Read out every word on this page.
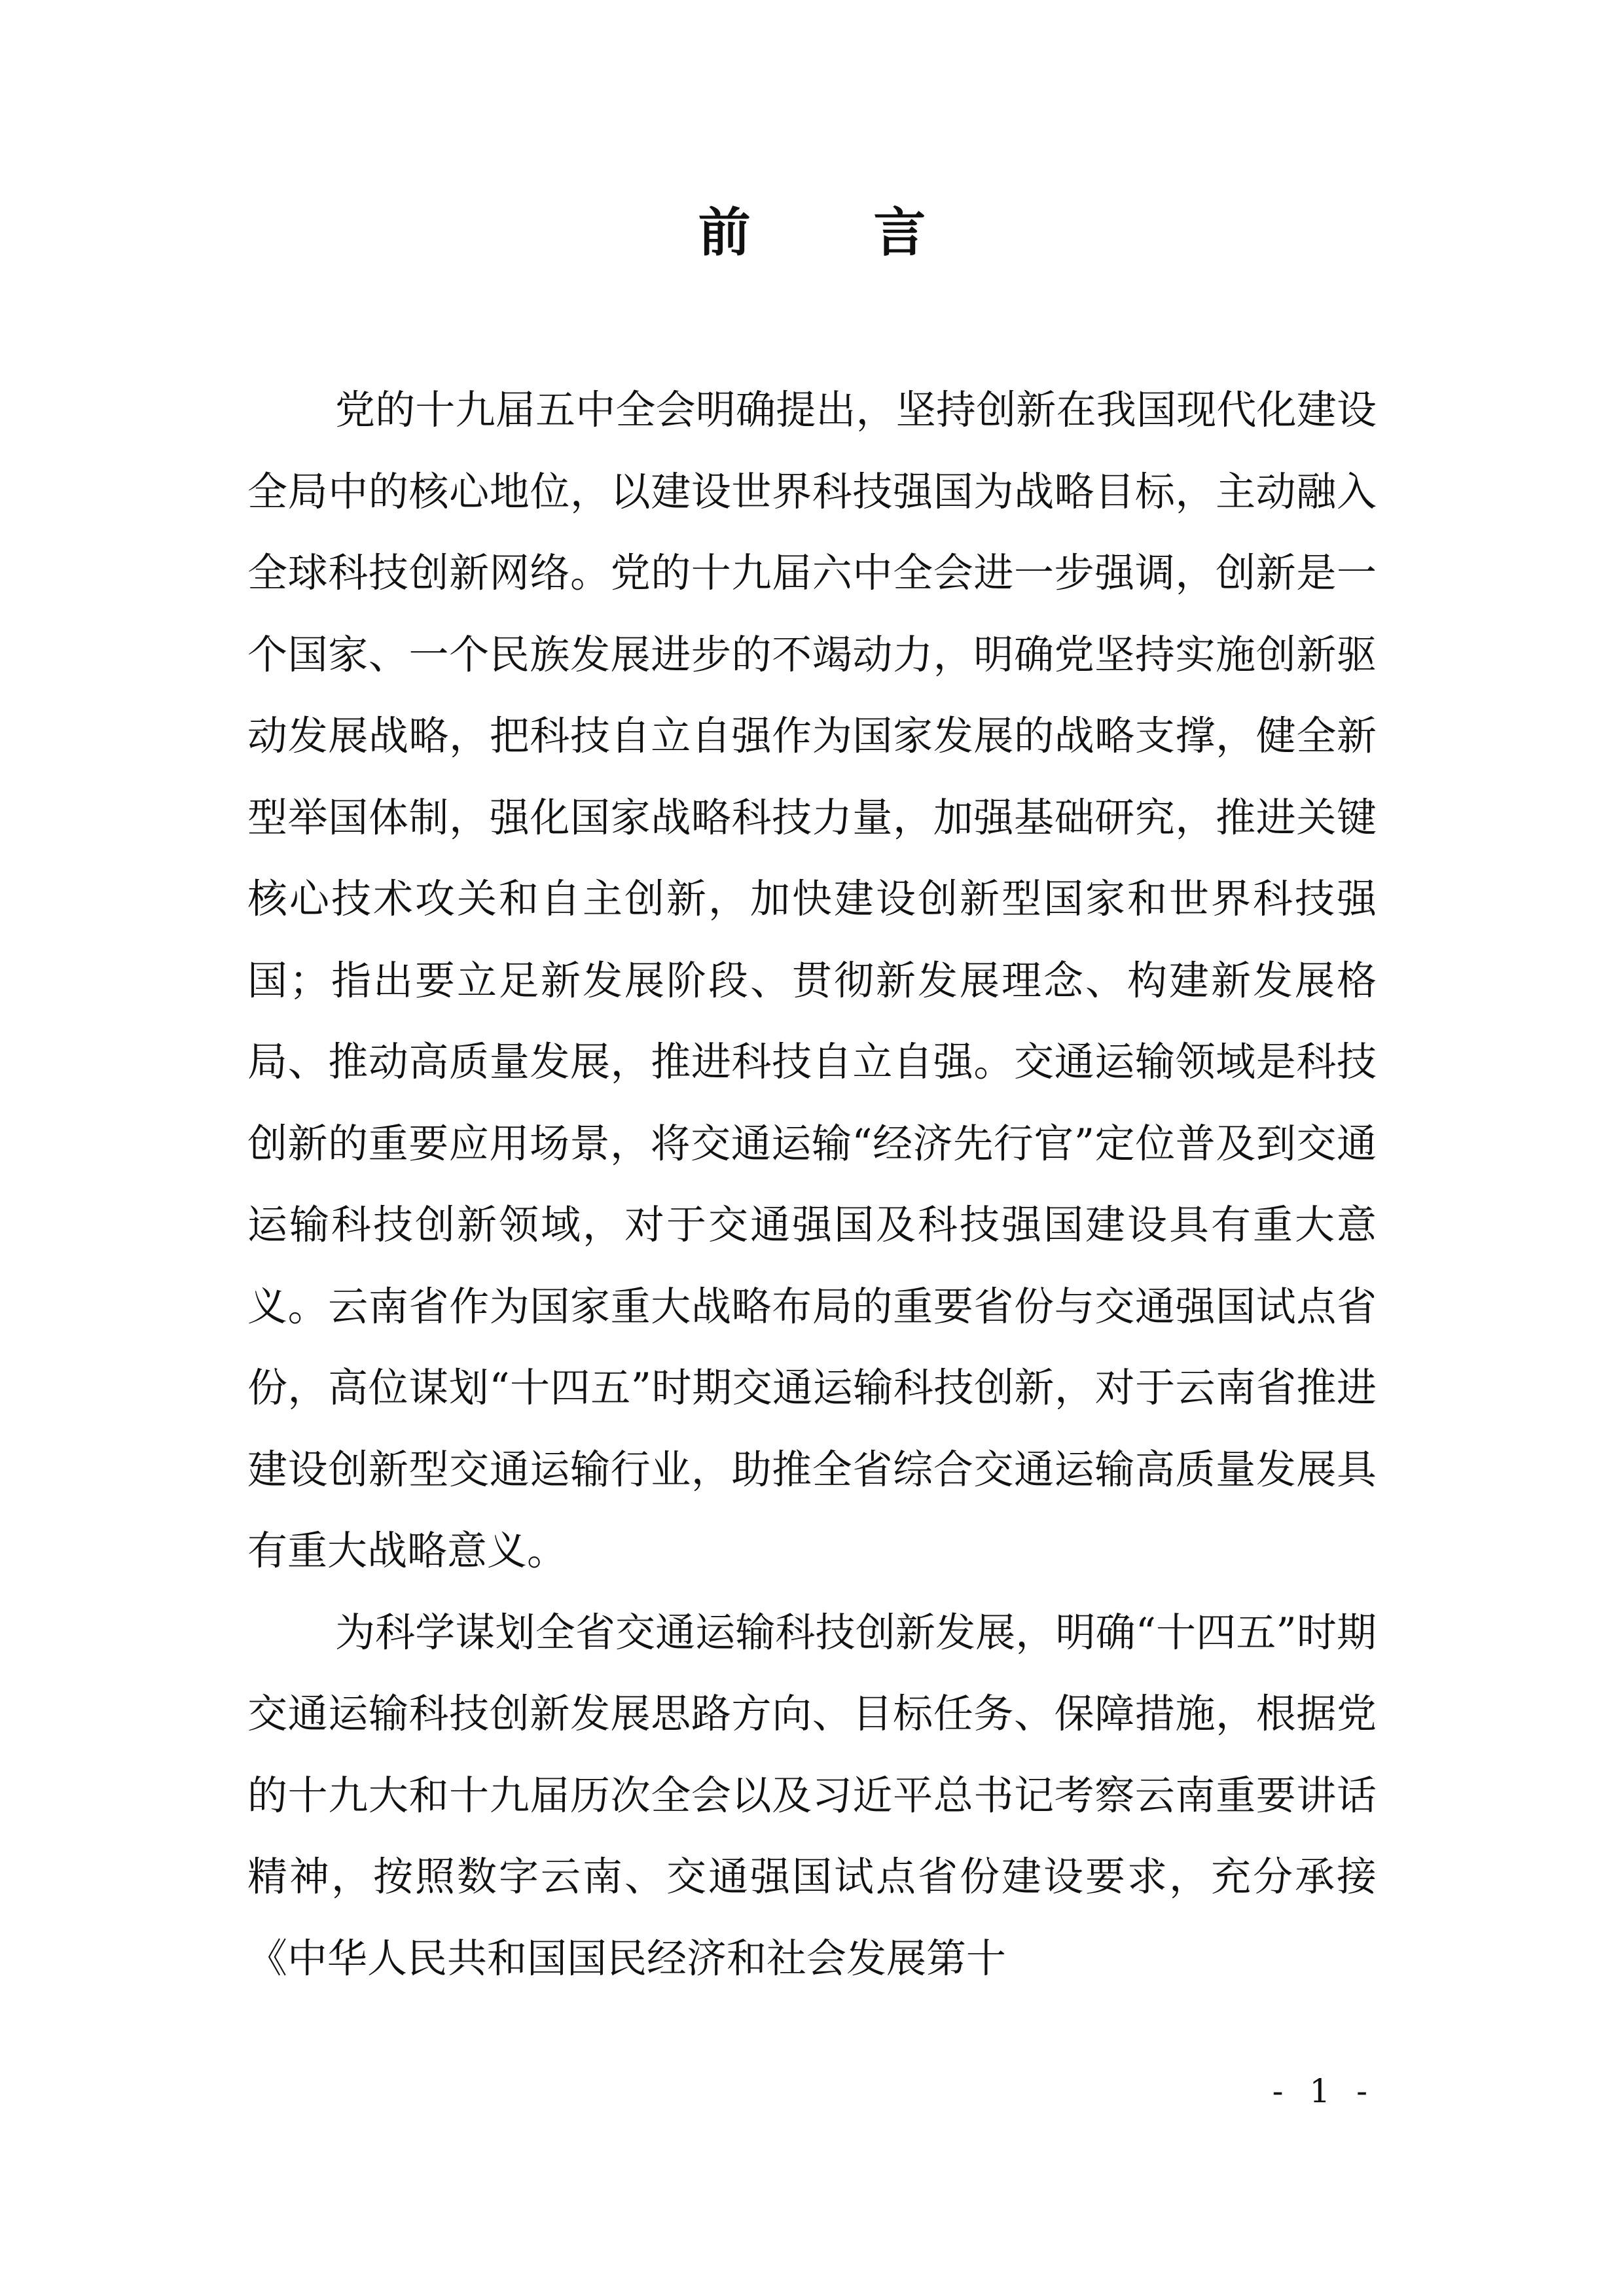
前 言

党的十九届五中全会明确提出，坚持创新在我国现代化建设全局中的核心地位，以建设世界科技强国为战略目标，主动融入全球科技创新网络。党的十九届六中全会进一步强调，创新是一个国家、一个民族发展进步的不竭动力，明确党坚持实施创新驱动发展战略，把科技自立自强作为国家发展的战略支撑，健全新型举国体制，强化国家战略科技力量，加强基础研究，推进关键核心技术攻关和自主创新，加快建设创新型国家和世界科技强国；指出要立足新发展阶段、贯彻新发展理念、构建新发展格局、推动高质量发展，推进科技自立自强。交通运输领域是科技创新的重要应用场景，将交通运输“经济先行官”定位普及到交通运输科技创新领域，对于交通强国及科技强国建设具有重大意义。云南省作为国家重大战略布局的重要省份与交通强国试点省份，高位谋划“十四五”时期交通运输科技创新，对于云南省推进建设创新型交通运输行业，助推全省综合交通运输高质量发展具有重大战略意义。

为科学谋划全省交通运输科技创新发展，明确“十四五”时期交通运输科技创新发展思路方向、目标任务、保障措施，根据党的十九大和十九届历次全会以及习近平总书记考察云南重要讲话精神，按照数字云南、交通强国试点省份建设要求，充分承接《中华人民共和国国民经济和社会发展第十

- 1 -
